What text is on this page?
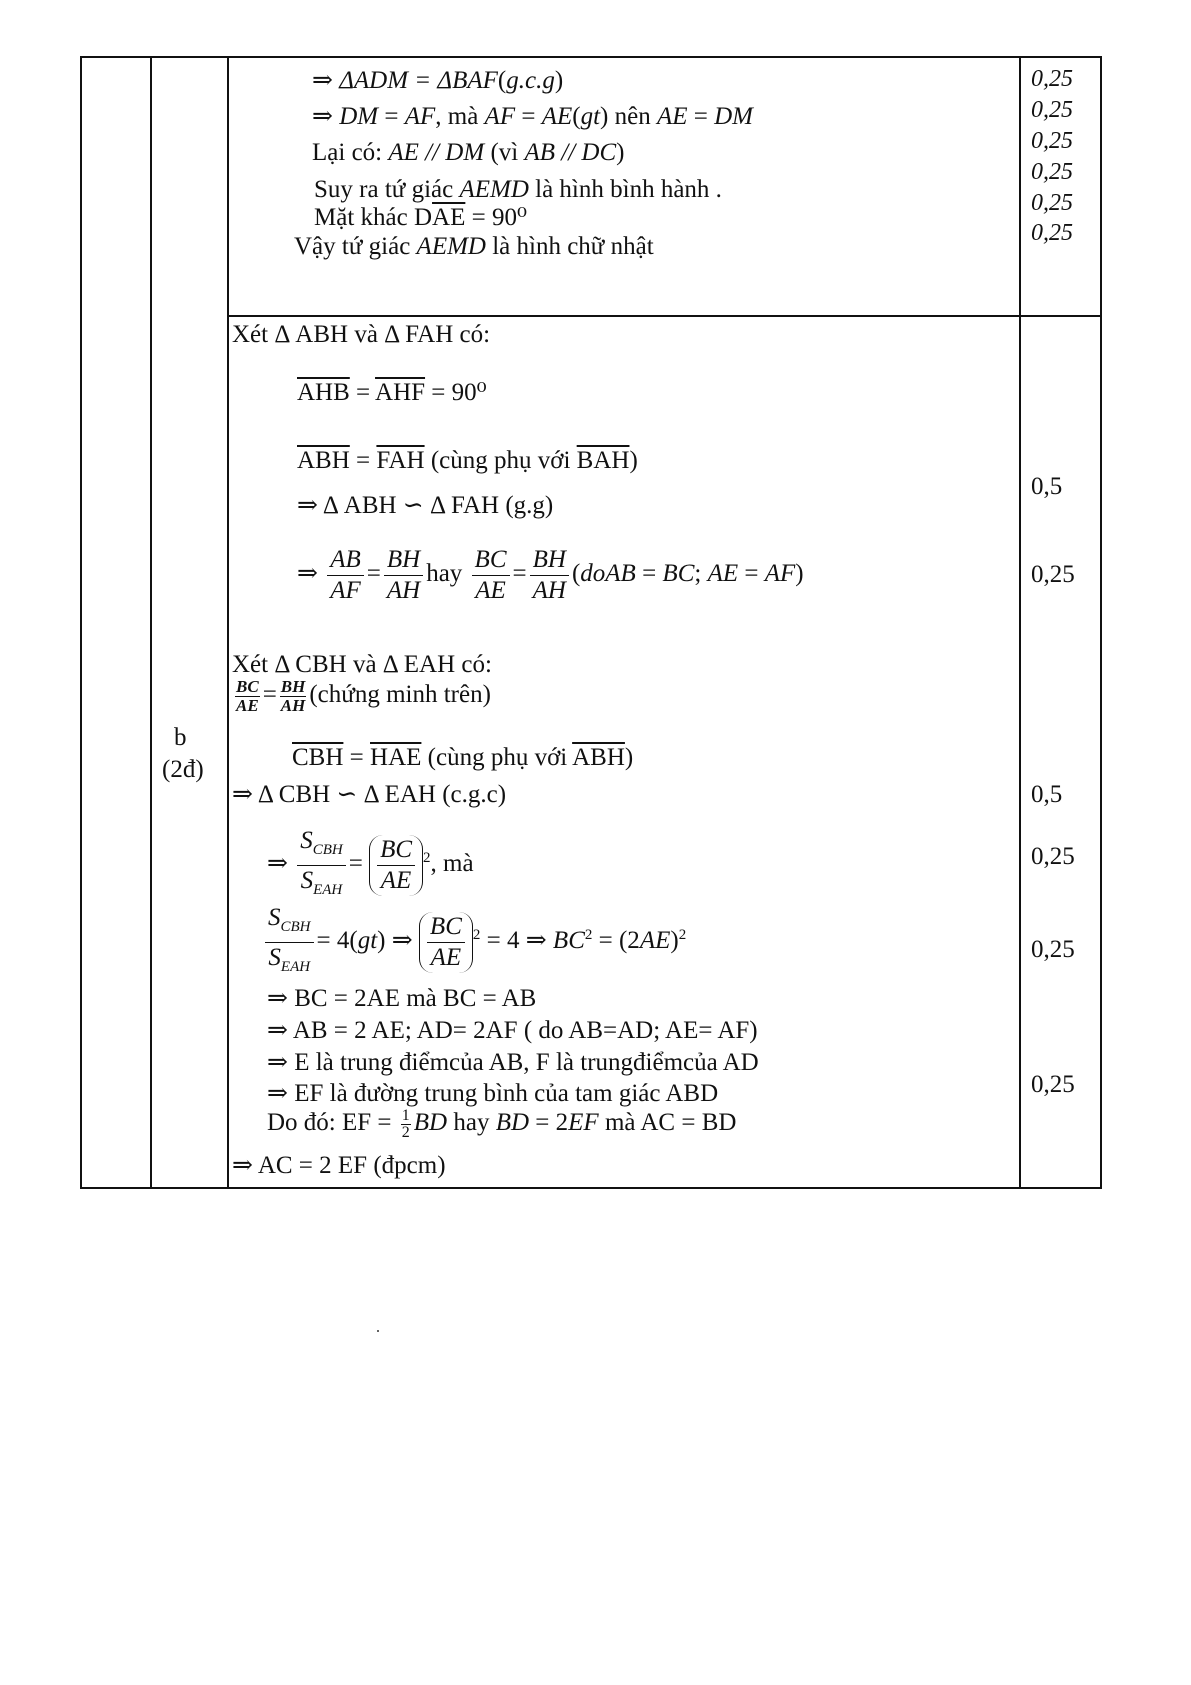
⇒ ΔADM = ΔBAF(g.c.g)
⇒ DM = AF, mà AF = AE(gt) nên AE = DM
Lại có: AE // DM (vì AB // DC)
Suy ra tứ giác AEMD là hình bình hành .
Mặt khác $D\overline{AE} = 90^0$
Vậy tứ giác AEMD là hình chữ nhật
0,25
0,25
0,25
0,25
0,25
0,25
b
(2đ)
Xét Δ ABH và Δ FAH có:
$\overline{AHB} = \overline{AHF} = 90^0$
$\overline{ABH} = \overline{FAH}$ (cùng phụ với $\overline{BAH}$)
⇒ Δ ABH ∽ Δ FAH (g.g)
⇒ $\frac{AB}{AF} = \frac{BH}{AH}$ hay $\frac{BC}{AE} = \frac{BH}{AH}$ (doAB = BC; AE = AF)
Xét Δ CBH và Δ EAH có:
$\frac{BC}{AE} = \frac{BH}{AH}$ (chứng minh trên)
$\overline{CBH} = \overline{HAE}$ (cùng phụ với $\overline{ABH}$)
⇒ Δ CBH ∽ Δ EAH (c.g.c)
⇒
$S_{CBH}$
$S_{EAH}$
= $\frac{BC}{AE} ^2$, mà
$S_{CBH}$
$S_{EAH}$
= 4(gt) ⇒ $\frac{BC}{AE} ^2 = 4$ ⇒ $BC^2 = (2AE)^2$
⇒ BC = 2AE mà BC = AB
⇒ AB = 2 AE; AD= 2AF ( do AB=AD; AE= AF)
⇒ E là trung điểmcủa AB, F là trungđiểmcủa AD
⇒ EF là đường trung bình của tam giác ABD
Do đó: EF = $\frac{1}{2}$ BD hay BD = 2EF mà AC = BD
⇒ AC = 2 EF (đpcm)
0,5
0,25
0,5
0,25
0,25
0,25
